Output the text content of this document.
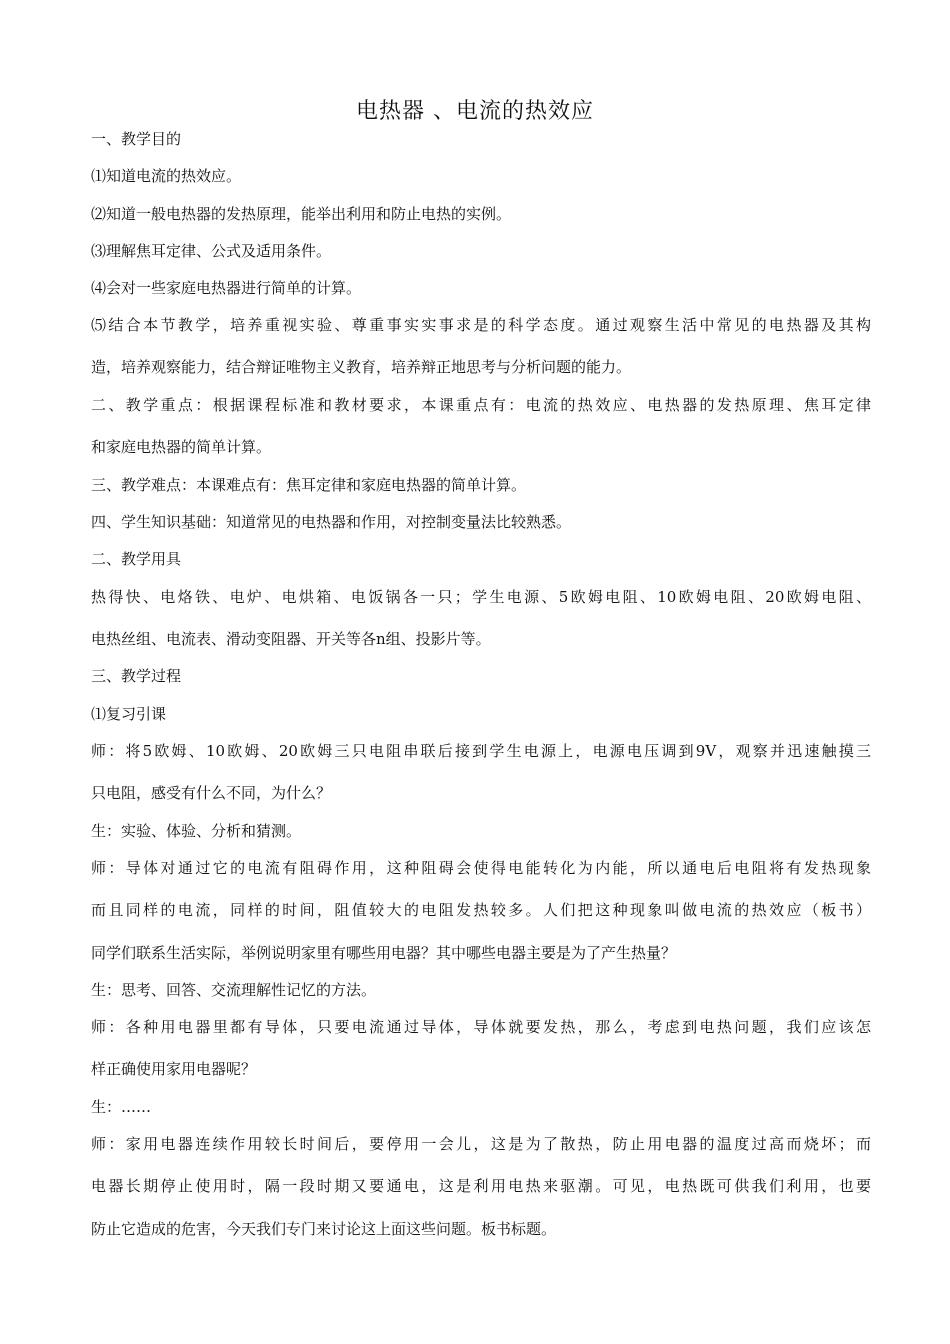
电热器 、电流的热效应
一、教学目的
⑴知道电流的热效应。
⑵知道一般电热器的发热原理，能举出利用和防止电热的实例。
⑶理解焦耳定律、公式及适用条件。
⑷会对一些家庭电热器进行简单的计算。
⑸结合本节教学，培养重视实验、尊重事实实事求是的科学态度。通过观察生活中常见的电热器及其构
造，培养观察能力，结合辩证唯物主义教育，培养辩正地思考与分析问题的能力。
二、教学重点：根据课程标准和教材要求，本课重点有：电流的热效应、电热器的发热原理、焦耳定律
和家庭电热器的简单计算。
三、教学难点：本课难点有：焦耳定律和家庭电热器的简单计算。
四、学生知识基础：知道常见的电热器和作用，对控制变量法比较熟悉。
二、教学用具
热得快、电烙铁、电炉、电烘箱、电饭锅各一只；学生电源、5欧姆电阻、10欧姆电阻、20欧姆电阻、
电热丝组、电流表、滑动变阻器、开关等各n组、投影片等。
三、教学过程
⑴复习引课
师：将5欧姆、10欧姆、20欧姆三只电阻串联后接到学生电源上，电源电压调到9V，观察并迅速触摸三
只电阻，感受有什么不同，为什么？
生：实验、体验、分析和猜测。
师：导体对通过它的电流有阻碍作用，这种阻碍会使得电能转化为内能，所以通电后电阻将有发热现象
而且同样的电流，同样的时间，阻值较大的电阻发热较多。人们把这种现象叫做电流的热效应（板书）
同学们联系生活实际，举例说明家里有哪些用电器？其中哪些电器主要是为了产生热量？
生：思考、回答、交流理解性记忆的方法。
师：各种用电器里都有导体，只要电流通过导体，导体就要发热，那么，考虑到电热问题，我们应该怎
样正确使用家用电器呢？
生：……
师：家用电器连续作用较长时间后，要停用一会儿，这是为了散热，防止用电器的温度过高而烧坏；而
电器长期停止使用时，隔一段时期又要通电，这是利用电热来驱潮。可见，电热既可供我们利用，也要
防止它造成的危害，今天我们专门来讨论这上面这些问题。板书标题。
